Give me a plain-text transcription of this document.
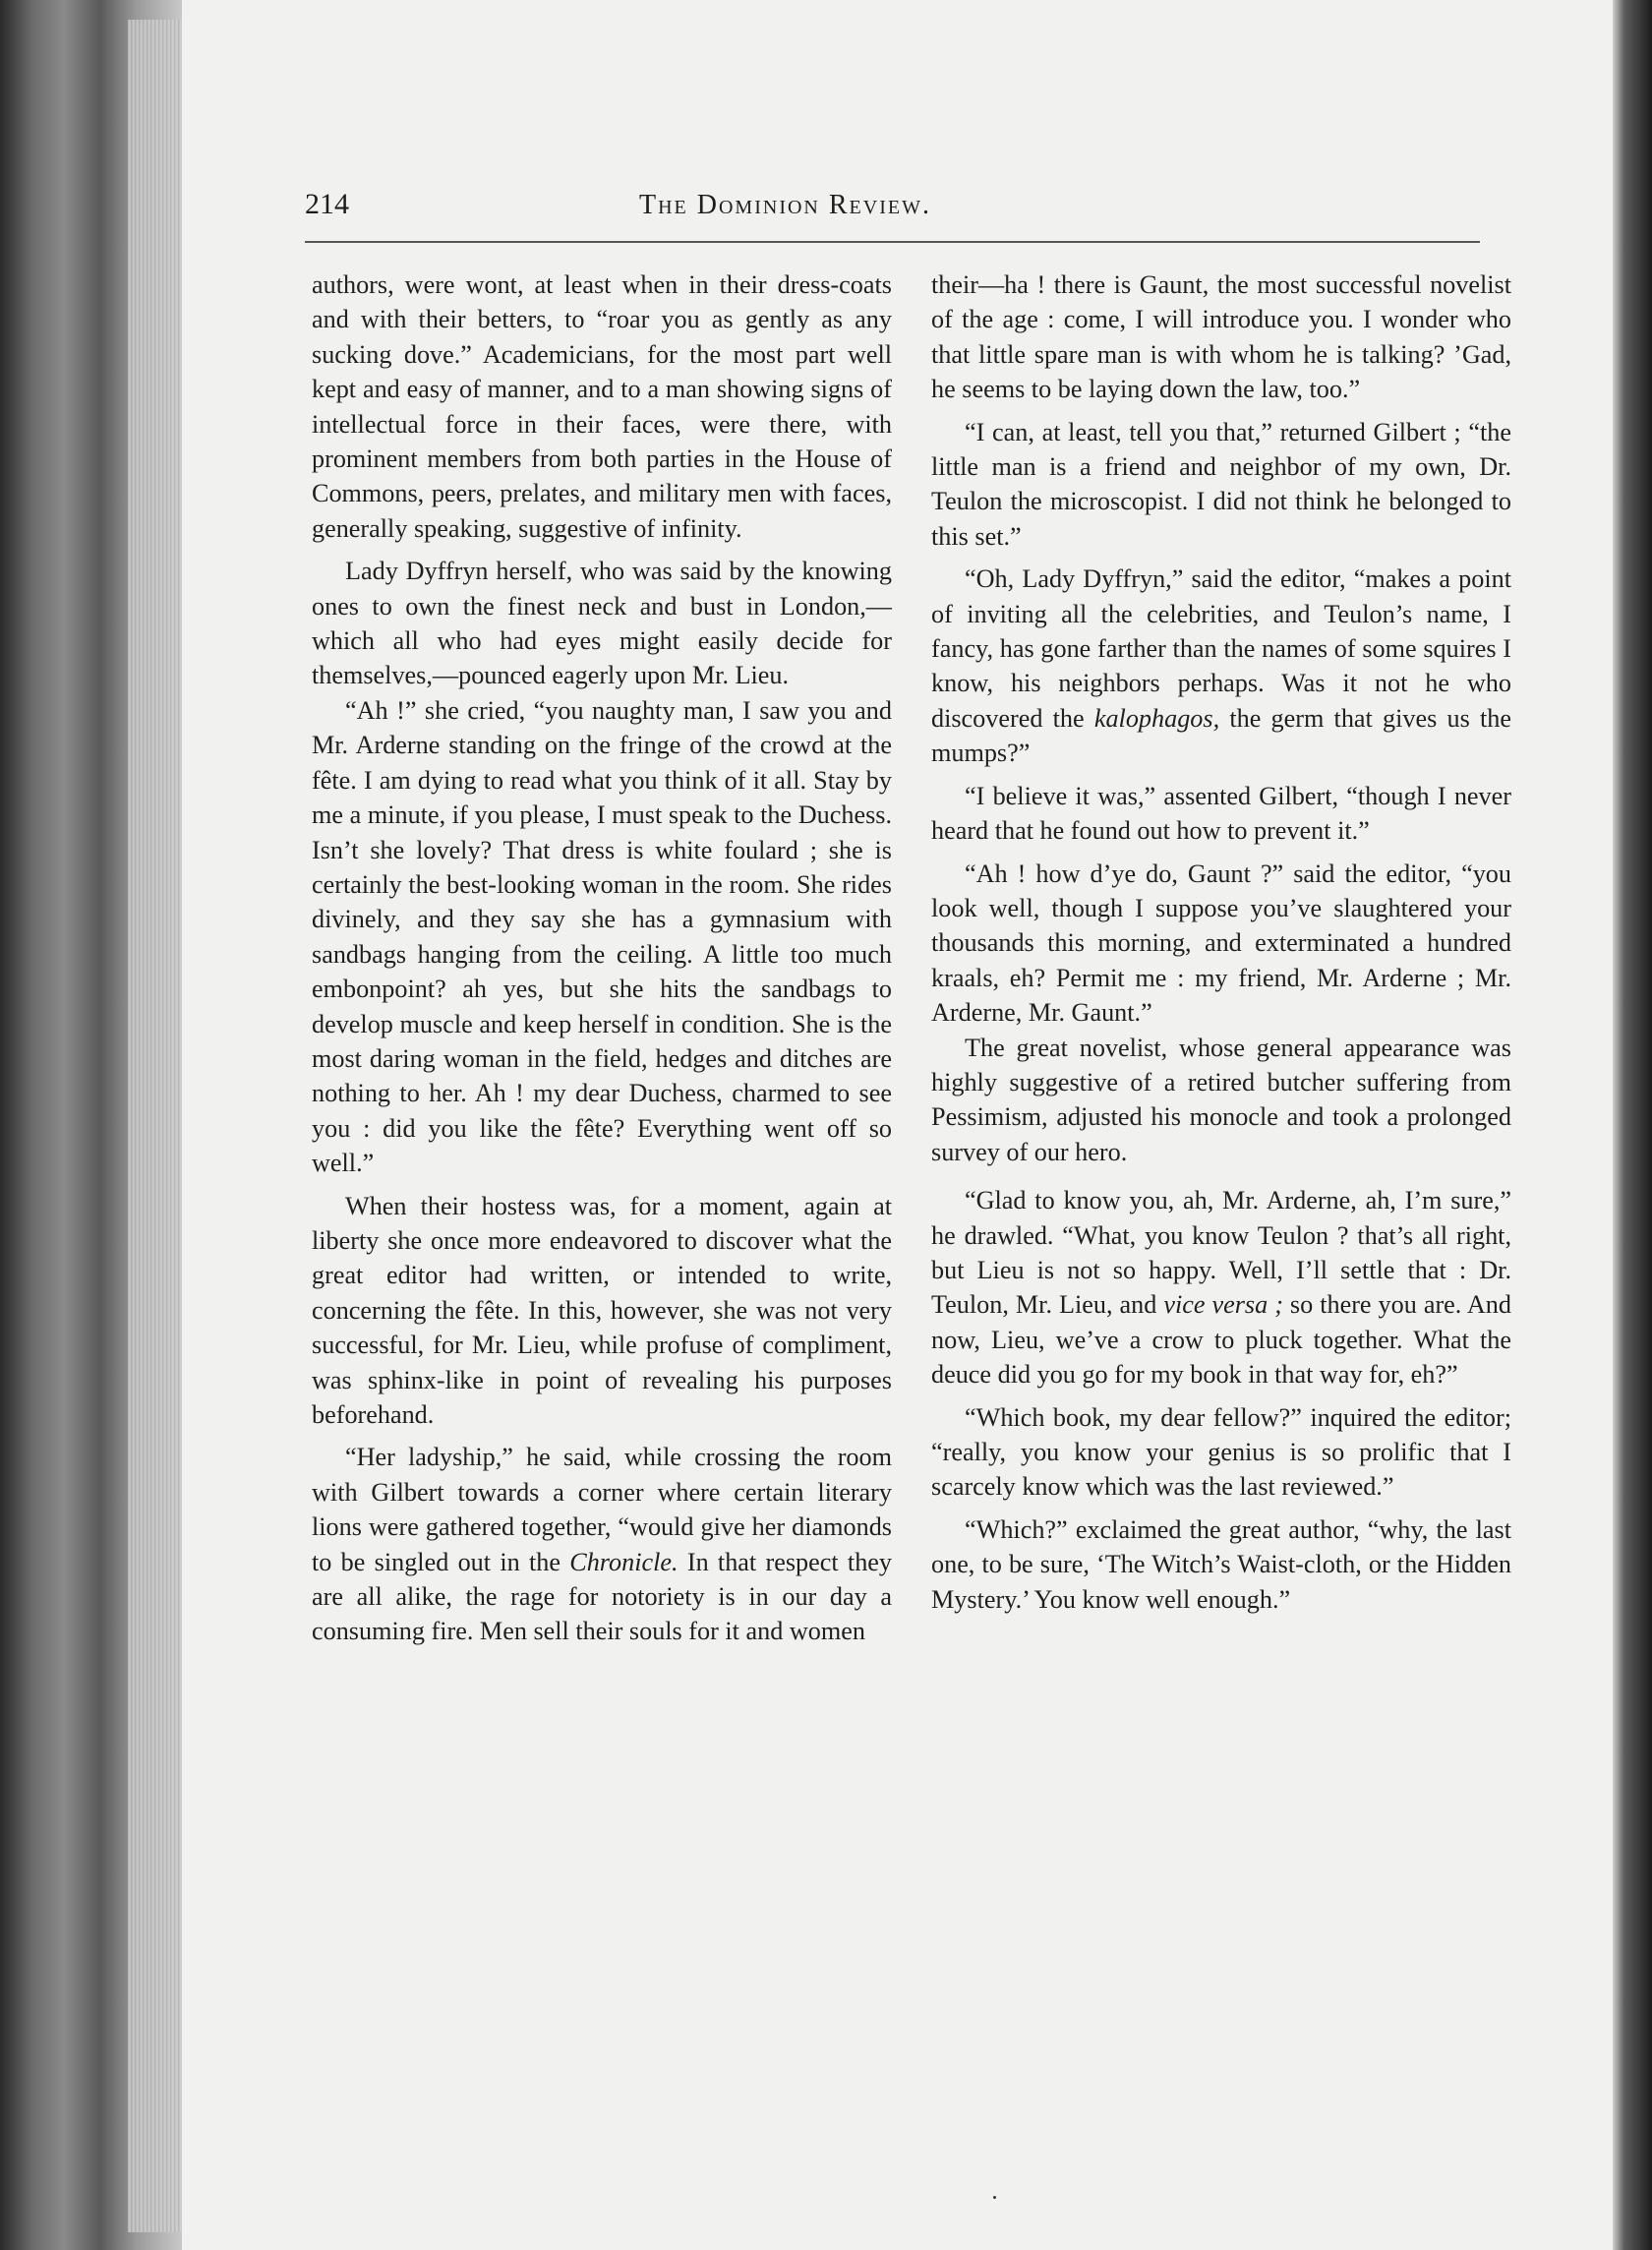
214	The Dominion Review.

authors, were wont, at least when in their dress-coats and with their betters, to “roar you as gently as any sucking dove.” Academicians, for the most part well kept and easy of manner, and to a man showing signs of intellectual force in their faces, were there, with prominent members from both parties in the House of Commons, peers, prelates, and military men with faces, generally speaking, suggestive of infinity.

Lady Dyffryn herself, who was said by the knowing ones to own the finest neck and bust in London,—which all who had eyes might easily decide for themselves,—pounced eagerly upon Mr. Lieu.

“Ah !” she cried, “you naughty man, I saw you and Mr. Arderne standing on the fringe of the crowd at the fête. I am dying to read what you think of it all. Stay by me a minute, if you please, I must speak to the Duchess. Isn’t she lovely? That dress is white foulard ; she is certainly the best-looking woman in the room. She rides divinely, and they say she has a gymnasium with sandbags hanging from the ceiling. A little too much embonpoint? ah yes, but she hits the sandbags to develop muscle and keep herself in condition. She is the most daring woman in the field, hedges and ditches are nothing to her. Ah ! my dear Duchess, charmed to see you : did you like the fête? Everything went off so well.”

When their hostess was, for a moment, again at liberty she once more endeavored to discover what the great editor had written, or intended to write, concerning the fête. In this, however, she was not very successful, for Mr. Lieu, while profuse of compliment, was sphinx-like in point of revealing his purposes beforehand.

“Her ladyship,” he said, while crossing the room with Gilbert towards a corner where certain literary lions were gathered together, “would give her diamonds to be singled out in the Chronicle. In that respect they are all alike, the rage for notoriety is in our day a consuming fire. Men sell their souls for it and women

their—ha ! there is Gaunt, the most successful novelist of the age : come, I will introduce you. I wonder who that little spare man is with whom he is talking? ’Gad, he seems to be laying down the law, too.”

“I can, at least, tell you that,” returned Gilbert ; “the little man is a friend and neighbor of my own, Dr. Teulon the microscopist. I did not think he belonged to this set.”

“Oh, Lady Dyffryn,” said the editor, “makes a point of inviting all the celebrities, and Teulon’s name, I fancy, has gone farther than the names of some squires I know, his neighbors perhaps. Was it not he who discovered the kalophagos, the germ that gives us the mumps?”

“I believe it was,” assented Gilbert, “though I never heard that he found out how to prevent it.”

“Ah ! how d’ye do, Gaunt ?” said the editor, “you look well, though I suppose you’ve slaughtered your thousands this morning, and exterminated a hundred kraals, eh? Permit me : my friend, Mr. Arderne ; Mr. Arderne, Mr. Gaunt.”

The great novelist, whose general appearance was highly suggestive of a retired butcher suffering from Pessimism, adjusted his monocle and took a prolonged survey of our hero.

“Glad to know you, ah, Mr. Arderne, ah, I’m sure,” he drawled. “What, you know Teulon ? that’s all right, but Lieu is not so happy. Well, I’ll settle that : Dr. Teulon, Mr. Lieu, and vice versa ; so there you are. And now, Lieu, we’ve a crow to pluck together. What the deuce did you go for my book in that way for, eh?”

“Which book, my dear fellow?” inquired the editor; “really, you know your genius is so prolific that I scarcely know which was the last reviewed.”

“Which?” exclaimed the great author, “why, the last one, to be sure, ‘The Witch’s Waist-cloth, or the Hidden Mystery.’ You know well enough.”
